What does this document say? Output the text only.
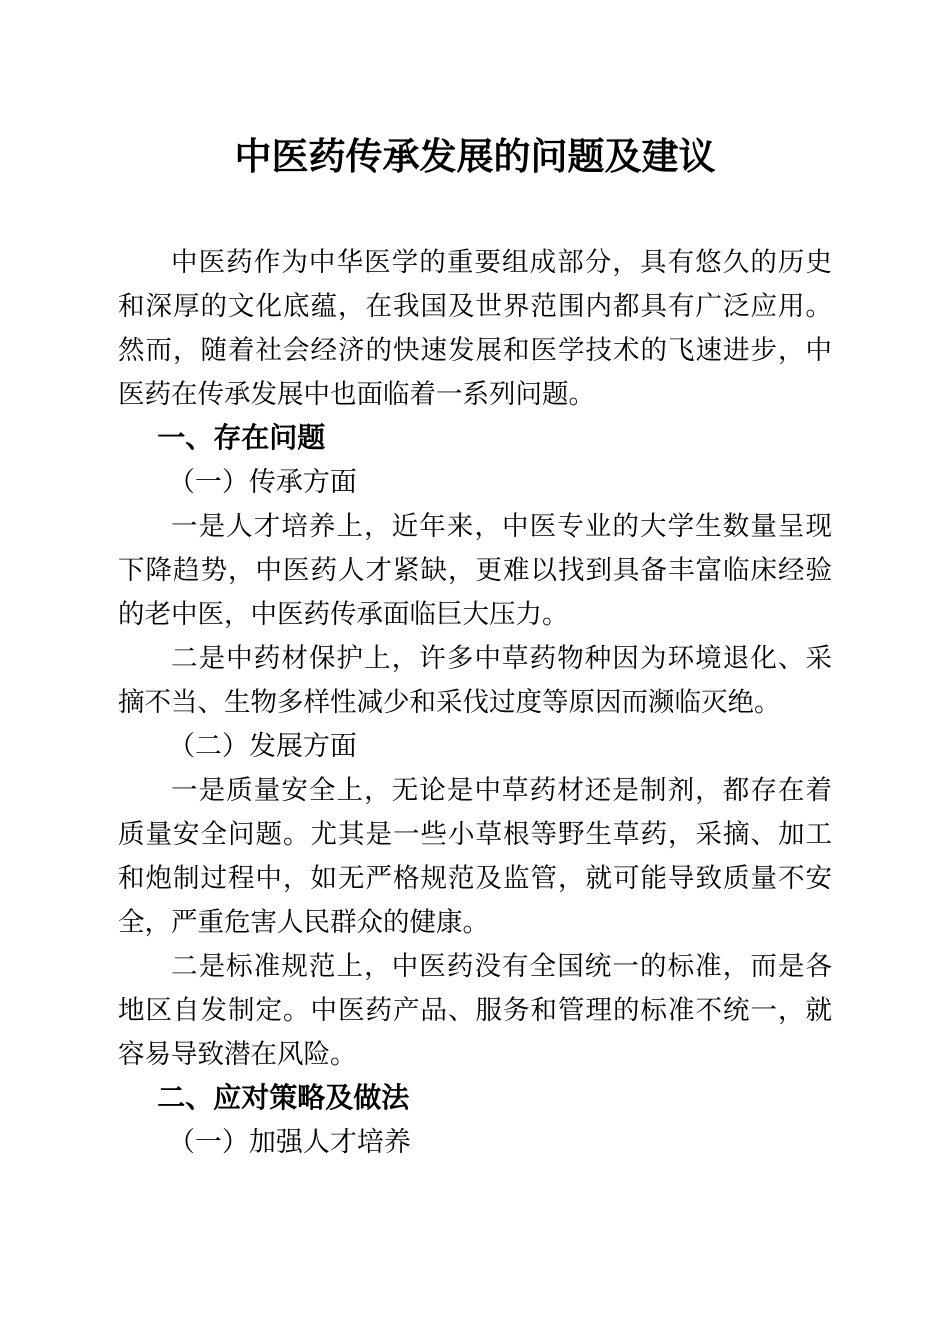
中医药传承发展的问题及建议

中医药作为中华医学的重要组成部分，具有悠久的历史和深厚的文化底蕴，在我国及世界范围内都具有广泛应用。然而，随着社会经济的快速发展和医学技术的飞速进步，中医药在传承发展中也面临着一系列问题。

一、存在问题

（一）传承方面

一是人才培养上，近年来，中医专业的大学生数量呈现下降趋势，中医药人才紧缺，更难以找到具备丰富临床经验的老中医，中医药传承面临巨大压力。

二是中药材保护上，许多中草药物种因为环境退化、采摘不当、生物多样性减少和采伐过度等原因而濒临灭绝。

（二）发展方面

一是质量安全上，无论是中草药材还是制剂，都存在着质量安全问题。尤其是一些小草根等野生草药，采摘、加工和炮制过程中，如无严格规范及监管，就可能导致质量不安全，严重危害人民群众的健康。

二是标准规范上，中医药没有全国统一的标准，而是各地区自发制定。中医药产品、服务和管理的标准不统一，就容易导致潜在风险。

二、应对策略及做法

（一）加强人才培养
